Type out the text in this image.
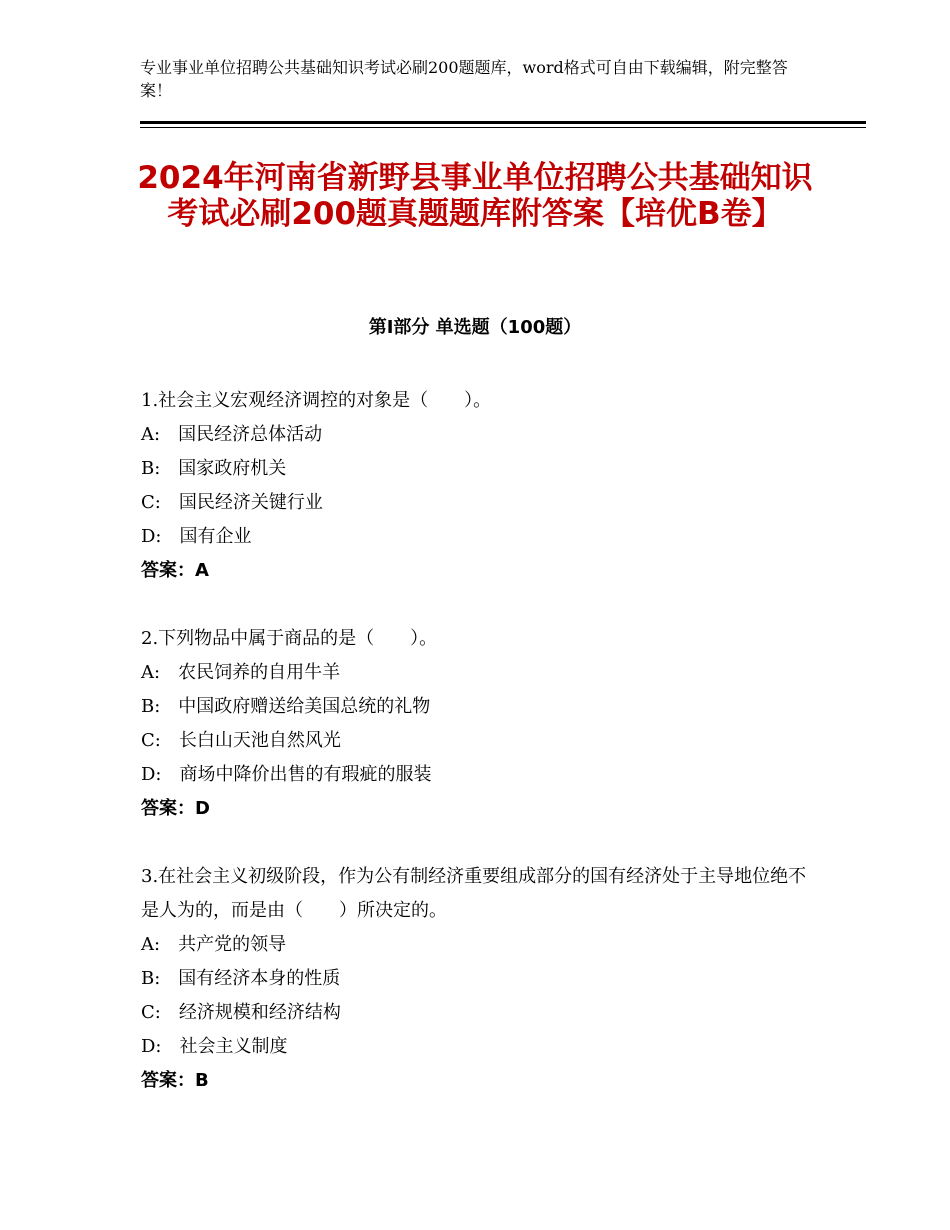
专业事业单位招聘公共基础知识考试必刷200题题库，word格式可自由下载编辑，附完整答案！
2024年河南省新野县事业单位招聘公共基础知识考试必刷200题真题题库附答案【培优B卷】
第I部分 单选题（100题）

1.社会主义宏观经济调控的对象是（　　）。

A:　国民经济总体活动

B:　国家政府机关

C:　国民经济关键行业

D:　国有企业

答案：A

2.下列物品中属于商品的是（　　）。

A:　农民饲养的自用牛羊

B:　中国政府赠送给美国总统的礼物

C:　长白山天池自然风光

D:　商场中降价出售的有瑕疵的服装

答案：D

3.在社会主义初级阶段，作为公有制经济重要组成部分的国有经济处于主导地位绝不是人为的，而是由（　　）所决定的。

A:　共产党的领导

B:　国有经济本身的性质

C:　经济规模和经济结构

D:　社会主义制度

答案：B
